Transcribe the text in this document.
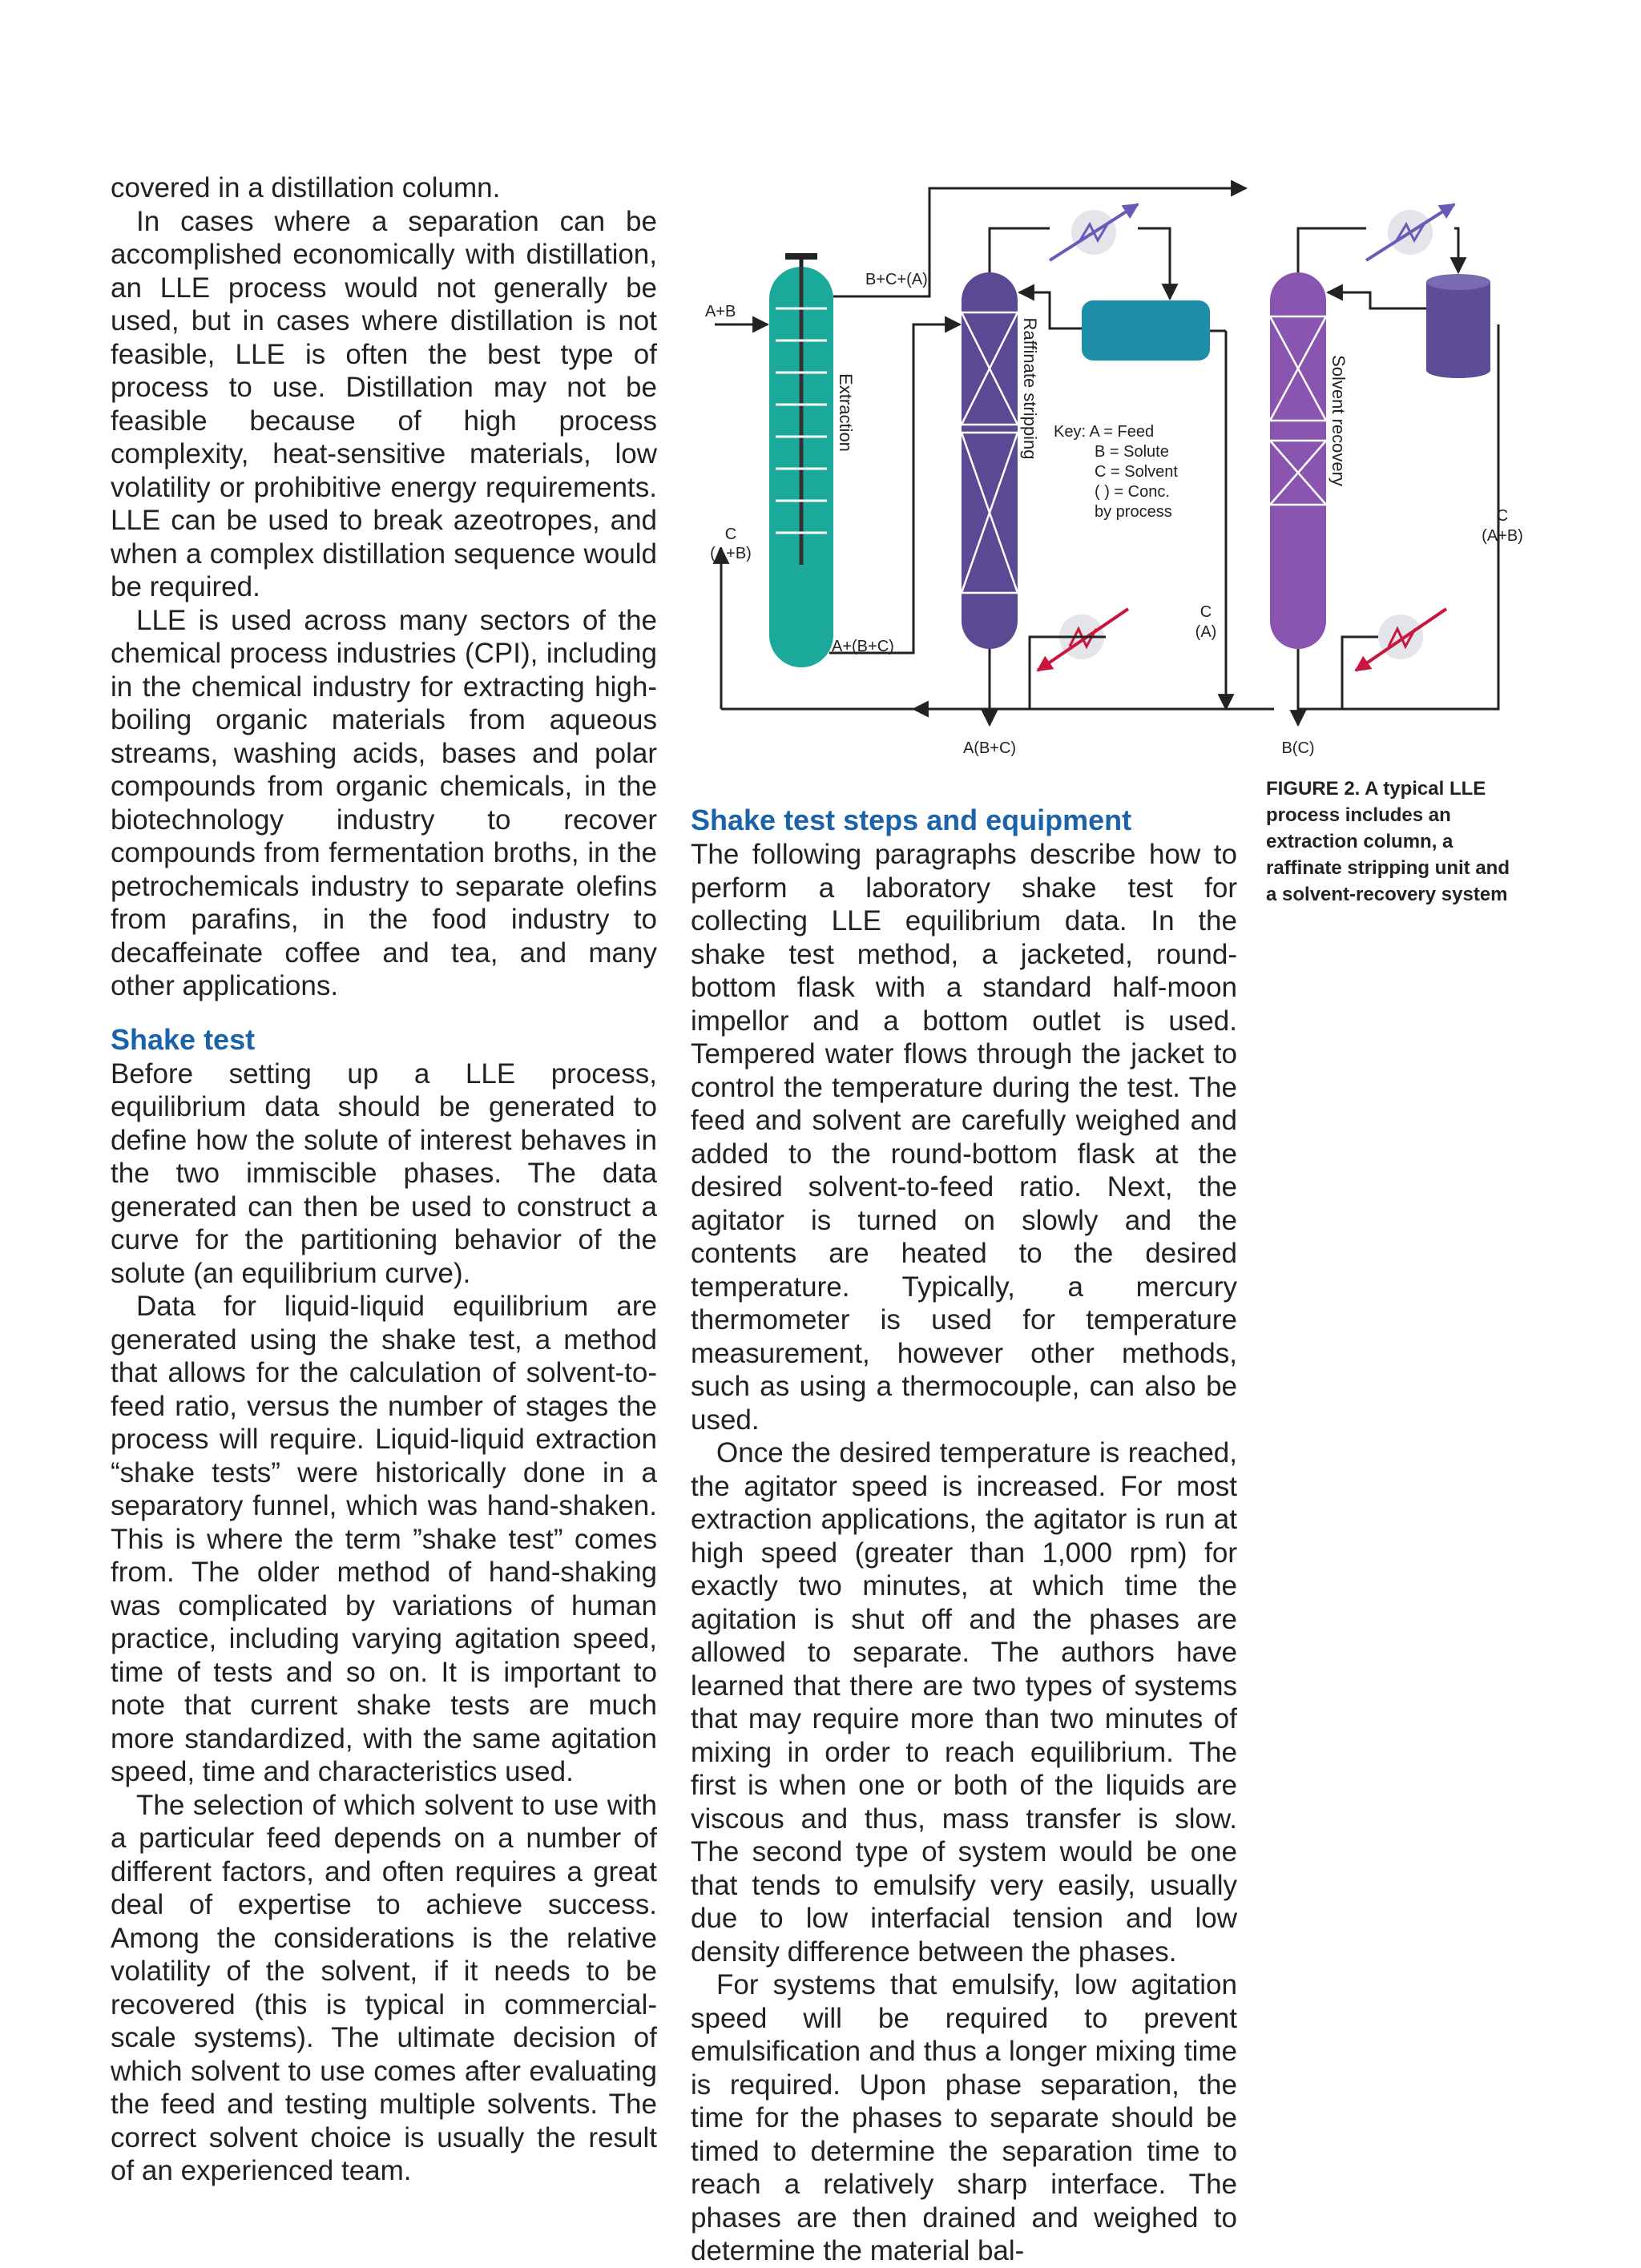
covered in a distillation column.

In cases where a separation can be accomplished economically with distillation, an LLE process would not generally be used, but in cases where distillation is not feasible, LLE is often the best type of process to use. Distillation may not be feasible because of high process complexity, heat-sensitive materials, low volatility or prohibitive energy requirements. LLE can be used to break azeotropes, and when a complex distillation sequence would be required.

LLE is used across many sectors of the chemical process industries (CPI), including in the chemical industry for extracting high-boiling organic materials from aqueous streams, washing acids, bases and polar compounds from organic chemicals, in the biotechnology industry to recover compounds from fermentation broths, in the petrochemicals industry to separate olefins from parafins, in the food industry to decaffeinate coffee and tea, and many other applications.

Shake test

Before setting up a LLE process, equilibrium data should be generated to define how the solute of interest behaves in the two immiscible phases. The data generated can then be used to construct a curve for the partitioning behavior of the solute (an equilibrium curve).

Data for liquid-liquid equilibrium are generated using the shake test, a method that allows for the calculation of solvent-to-feed ratio, versus the number of stages the process will require. Liquid-liquid extraction “shake tests” were historically done in a separatory funnel, which was hand-shaken. This is where the term ”shake test” comes from. The older method of hand-shaking was complicated by variations of human practice, including varying agitation speed, time of tests and so on. It is important to note that current shake tests are much more standardized, with the same agitation speed, time and characteristics used.

The selection of which solvent to use with a particular feed depends on a number of different factors, and often requires a great deal of expertise to achieve success. Among the considerations is the relative volatility of the solvent, if it needs to be recovered (this is typical in commercial-scale systems). The ultimate decision of which solvent to use comes after evaluating the feed and testing multiple solvents. The correct solvent choice is usually the result of an experienced team.

Extraction	Raffinate stripping	Solvent recovery
A+B
B+C+(A)
C
(A+B)
A+(B+C)
Key: A = Feed
B = Solute
C = Solvent
( ) = Conc.
by process
C
(A)
A(B+C)	B(C)
C
(A+B)
FIGURE 2. A typical LLE process includes an extraction column, a raffinate stripping unit and a solvent-recovery system
Shake test steps and equipment

The following paragraphs describe how to perform a laboratory shake test for collecting LLE equilibrium data. In the shake test method, a jacketed, round-bottom flask with a standard half-moon impellor and a bottom outlet is used. Tempered water flows through the jacket to control the temperature during the test. The feed and solvent are carefully weighed and added to the round-bottom flask at the desired solvent-to-feed ratio. Next, the agitator is turned on slowly and the contents are heated to the desired temperature. Typically, a mercury thermometer is used for temperature measurement, however other methods, such as using a thermocouple, can also be used.

Once the desired temperature is reached, the agitator speed is increased. For most extraction applications, the agitator is run at high speed (greater than 1,000 rpm) for exactly two minutes, at which time the agitation is shut off and the phases are allowed to separate. The authors have learned that there are two types of systems that may require more than two minutes of mixing in order to reach equilibrium. The first is when one or both of the liquids are viscous and thus, mass transfer is slow. The second type of system would be one that tends to emulsify very easily, usually due to low interfacial tension and low density difference between the phases.

For systems that emulsify, low agitation speed will be required to prevent emulsification and thus a longer mixing time is required. Upon phase separation, the time for the phases to separate should be timed to determine the separation time to reach a relatively sharp interface. The phases are then drained and weighed to determine the material bal-
